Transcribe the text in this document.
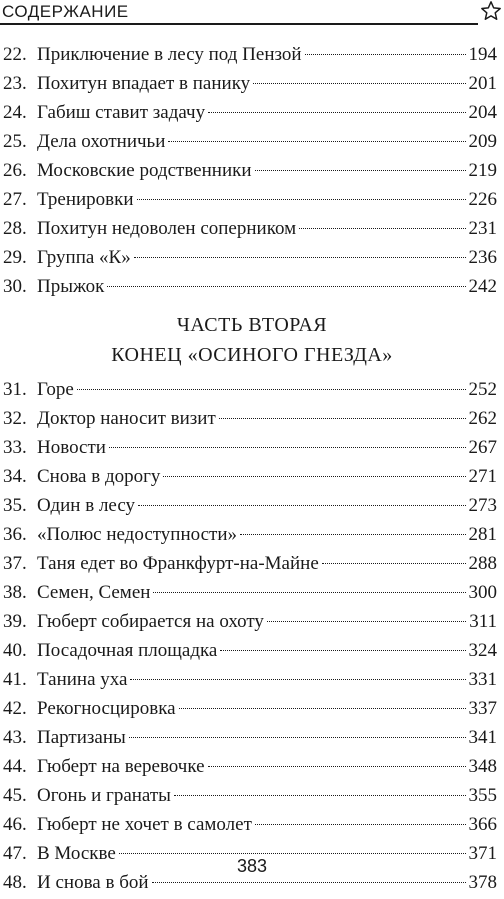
СОДЕРЖАНИЕ
22. Приключение в лесу под Пензой	194
23. Похитун впадает в панику	201
24. Габиш ставит задачу	204
25. Дела охотничьи	209
26. Московские родственники	219
27. Тренировки	226
28. Похитун недоволен соперником	231
29. Группа «К»	236
30. Прыжок	242
ЧАСТЬ ВТОРАЯ
КОНЕЦ «ОСИНОГО ГНЕЗДА»
31. Горе	252
32. Доктор наносит визит	262
33. Новости	267
34. Снова в дорогу	271
35. Один в лесу	273
36. «Полюс недоступности»	281
37. Таня едет во Франкфурт-на-Майне	288
38. Семен, Семен	300
39. Гюберт собирается на охоту	311
40. Посадочная площадка	324
41. Танина уха	331
42. Рекогносцировка	337
43. Партизаны	341
44. Гюберт на веревочке	348
45. Огонь и гранаты	355
46. Гюберт не хочет в самолет	366
47. В Москве	371
48. И снова в бой	378
383
